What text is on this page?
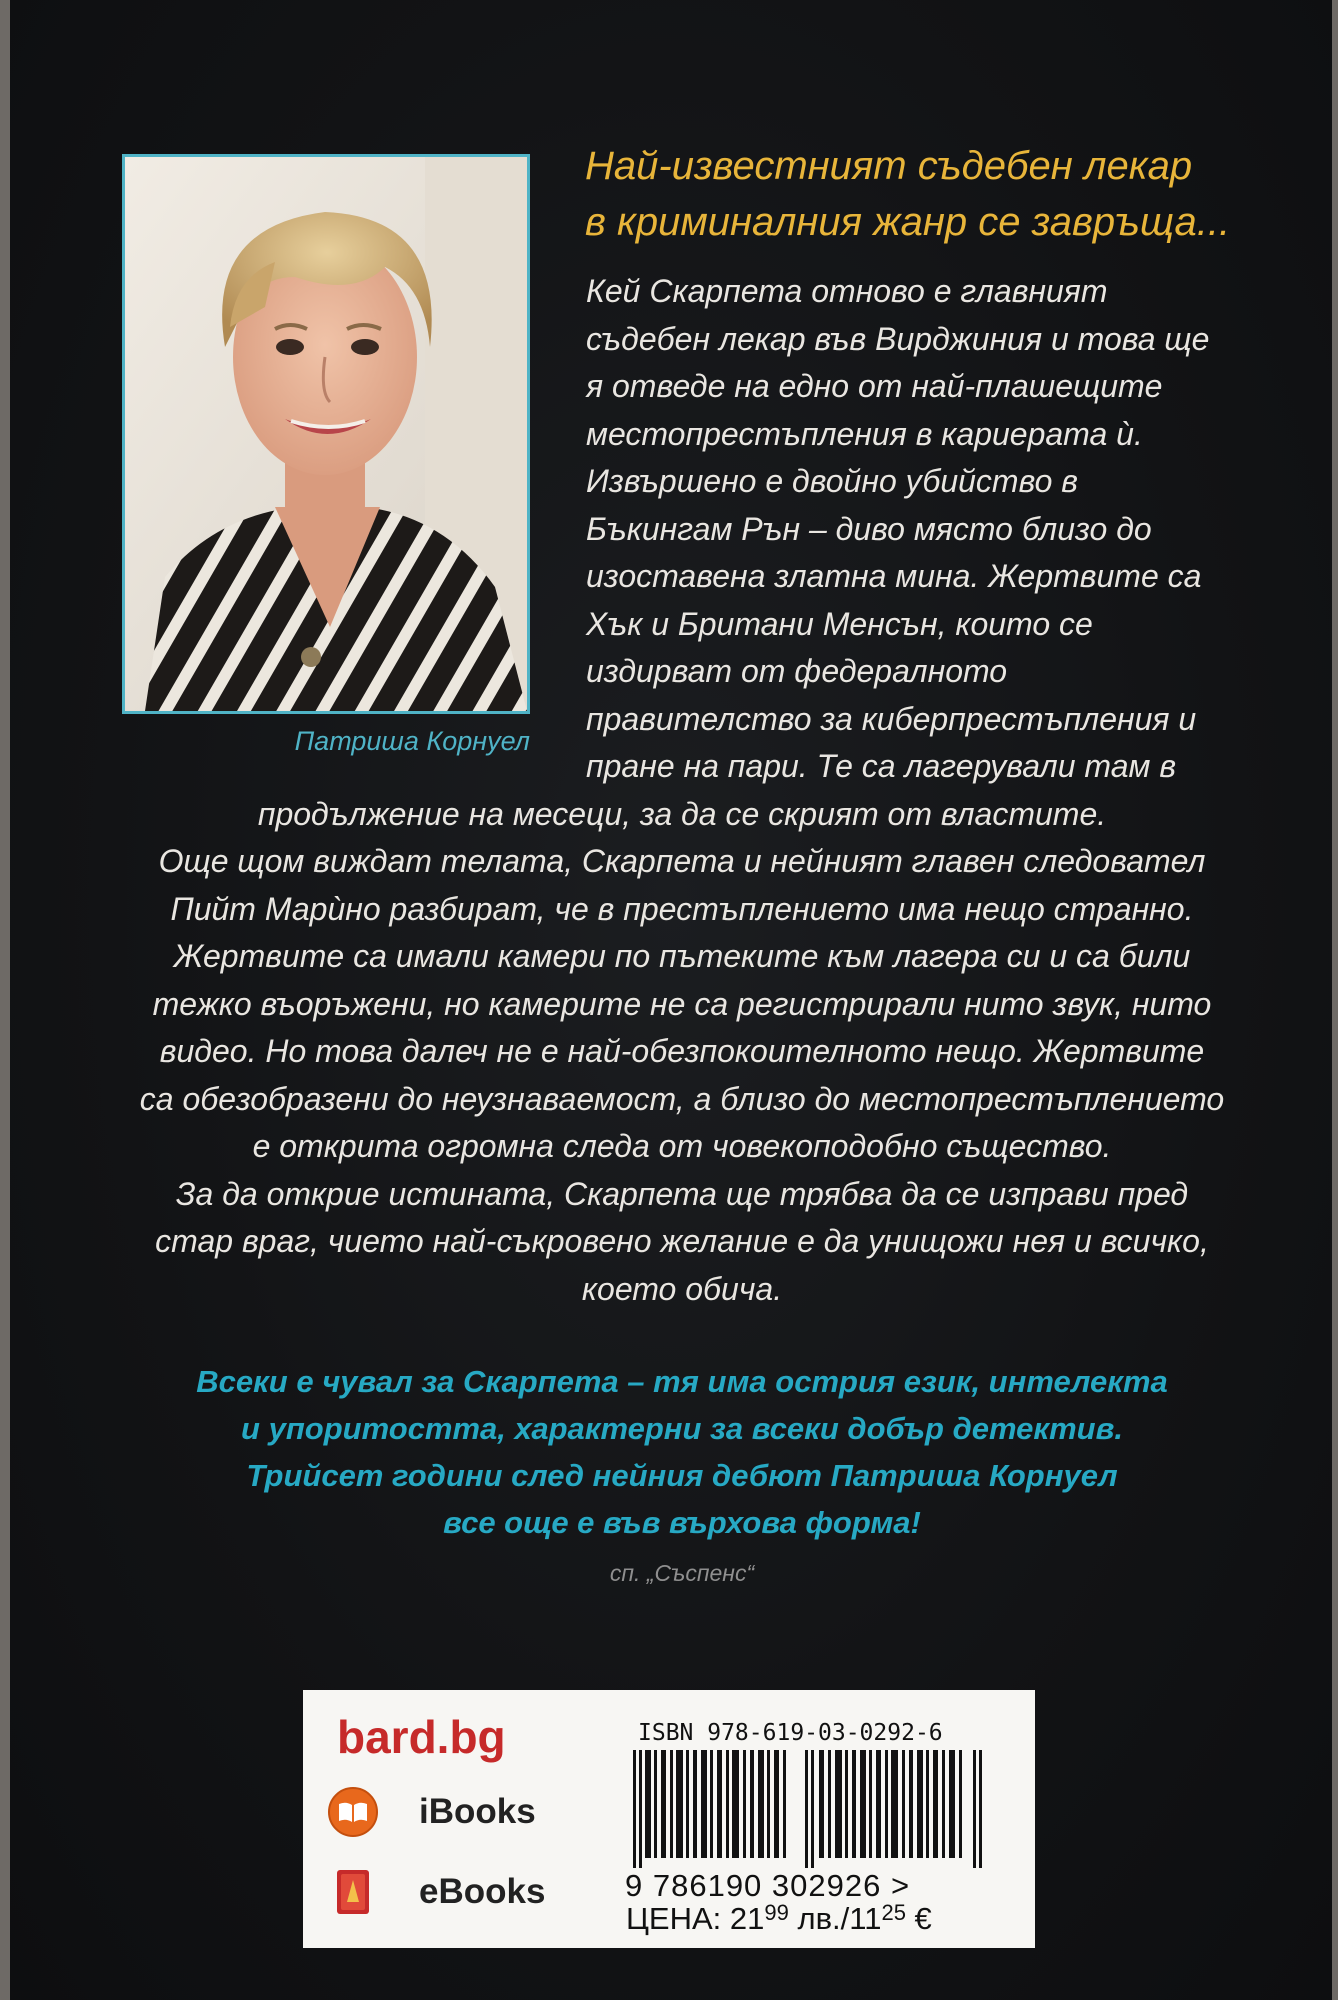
Патриша Корнуел
Най-известният съдебен лекар
в криминалния жанр се завръща...
Кей Скарпета отново е главният
съдебен лекар във Вирджиния и това ще
я отведе на едно от най-плашещите
местопрестъпления в кариерата ѝ.
Извършено е двойно убийство в
Бъкингам Рън – диво място близо до
изоставена златна мина. Жертвите са
Хък и Британи Менсън, които се
издирват от федералното
правителство за киберпрестъпления и
пране на пари. Те са лагерували там в
продължение на месеци, за да се скрият от властите.
Още щом виждат телата, Скарпета и нейният главен следовател
Пийт Марѝно разбират, че в престъплението има нещо странно.
Жертвите са имали камери по пътеките към лагера си и са били
тежко въоръжени, но камерите не са регистрирали нито звук, нито
видео. Но това далеч не е най-обезпокоителното нещо. Жертвите
са обезобразени до неузнаваемост, а близо до местопрестъплението
е открита огромна следа от човекоподобно същество.
За да открие истината, Скарпета ще трябва да се изправи пред
стар враг, чието най-съкровено желание е да унищожи нея и всичко,
което обича.
Всеки е чувал за Скарпета – тя има острия език, интелекта
и упоритостта, характерни за всеки добър детектив.
Трийсет години след нейния дебют Патриша Корнуел
все още е във върхова форма!
сп. „Съспенс“
bard.bg
iBooks
eBooks
ISBN 978-619-03-0292-6
9 786190 302926 >
ЦЕНА: $21^{99}$ $лв./11^{25}$ €
